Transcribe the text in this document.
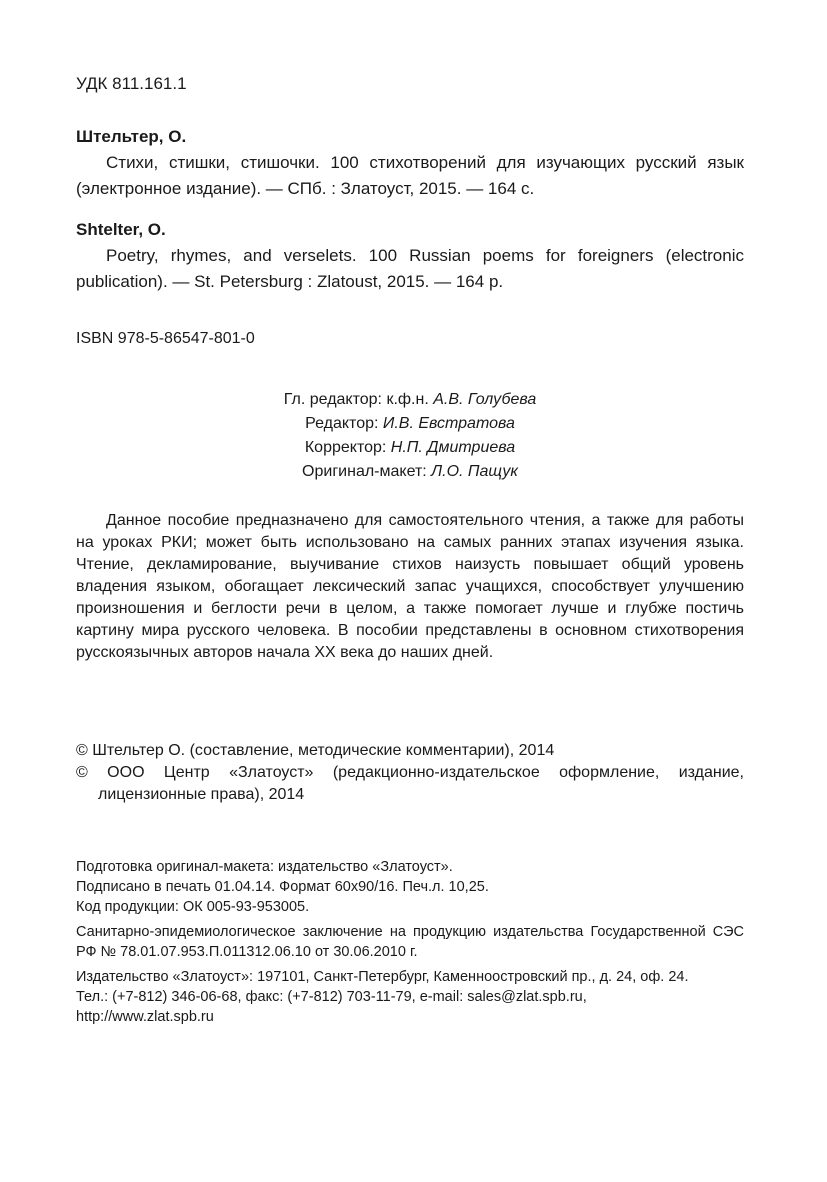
УДК 811.161.1
Штельтер, О.

Стихи, стишки, стишочки. 100 стихотворений для изучающих русский язык (электронное издание). — СПб. : Златоуст, 2015. — 164 с.

Shtelter, O.

Poetry, rhymes, and verselets. 100 Russian poems for foreigners (electronic publication). — St. Petersburg : Zlatoust, 2015. — 164 p.

ISBN 978-5-86547-801-0
Гл. редактор: к.ф.н. А.В. Голубева
Редактор: И.В. Евстратова
Корректор: Н.П. Дмитриева
Оригинал-макет: Л.О. Пащук

Данное пособие предназначено для самостоятельного чтения, а также для работы на уроках РКИ; может быть использовано на самых ранних этапах изучения языка. Чтение, декламирование, выучивание стихов наизусть повышает общий уровень владения языком, обогащает лексический запас учащихся, способствует улучшению произношения и беглости речи в целом, а также помогает лучше и глубже постичь картину мира русского человека. В пособии представлены в основном стихотворения русскоязычных авторов начала XX века до наших дней.

© Штельтер О. (составление, методические комментарии), 2014
© ООО Центр «Златоуст» (редакционно-издательское оформление, издание, лицензионные права), 2014
Подготовка оригинал-макета: издательство «Златоуст».
Подписано в печать 01.04.14. Формат 60х90/16. Печ.л. 10,25.
Код продукции: ОК 005-93-953005.

Санитарно-эпидемиологическое заключение на продукцию издательства Государственной СЭС РФ № 78.01.07.953.П.011312.06.10 от 30.06.2010 г.

Издательство «Златоуст»: 197101, Санкт-Петербург, Каменноостровский пр., д. 24, оф. 24.
Тел.: (+7-812) 346-06-68, факс: (+7-812) 703-11-79, e-mail: sales@zlat.spb.ru,
http://www.zlat.spb.ru
